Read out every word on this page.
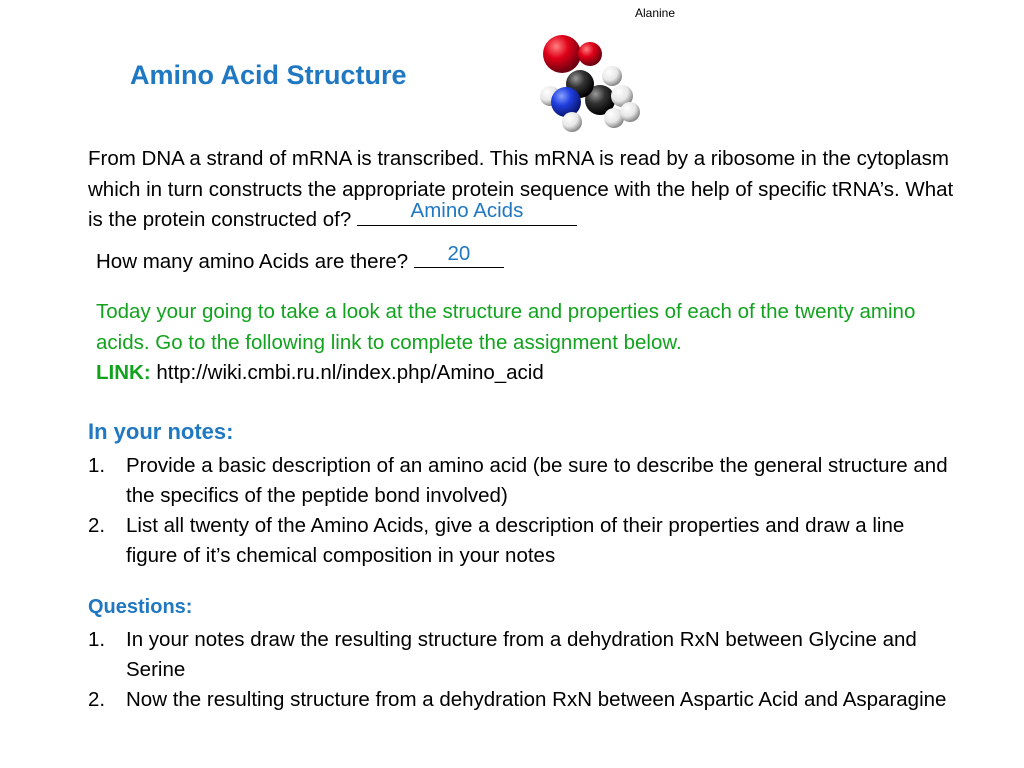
Alanine
Amino Acid Structure
From DNA a strand of mRNA is transcribed. This mRNA is read by a ribosome in the cytoplasm which in turn constructs the appropriate protein sequence with the help of specific tRNA’s. What is the protein constructed of?	Amino Acids
How many amino Acids are there?	20
Today your going to take a look at the structure and properties of each of the twenty amino acids. Go to the following link to complete the assignment below.
LINK: http://wiki.cmbi.ru.nl/index.php/Amino_acid
In your notes:
1.	Provide a basic description of an amino acid (be sure to describe the general structure and the specifics of the peptide bond involved)
2.	List all twenty of the Amino Acids, give a description of their properties and draw a line figure of it’s chemical composition in your notes
Questions:
1.	In your notes draw the resulting structure from a dehydration RxN between Glycine and Serine
2.	Now the resulting structure from a dehydration RxN between Aspartic Acid and Asparagine
